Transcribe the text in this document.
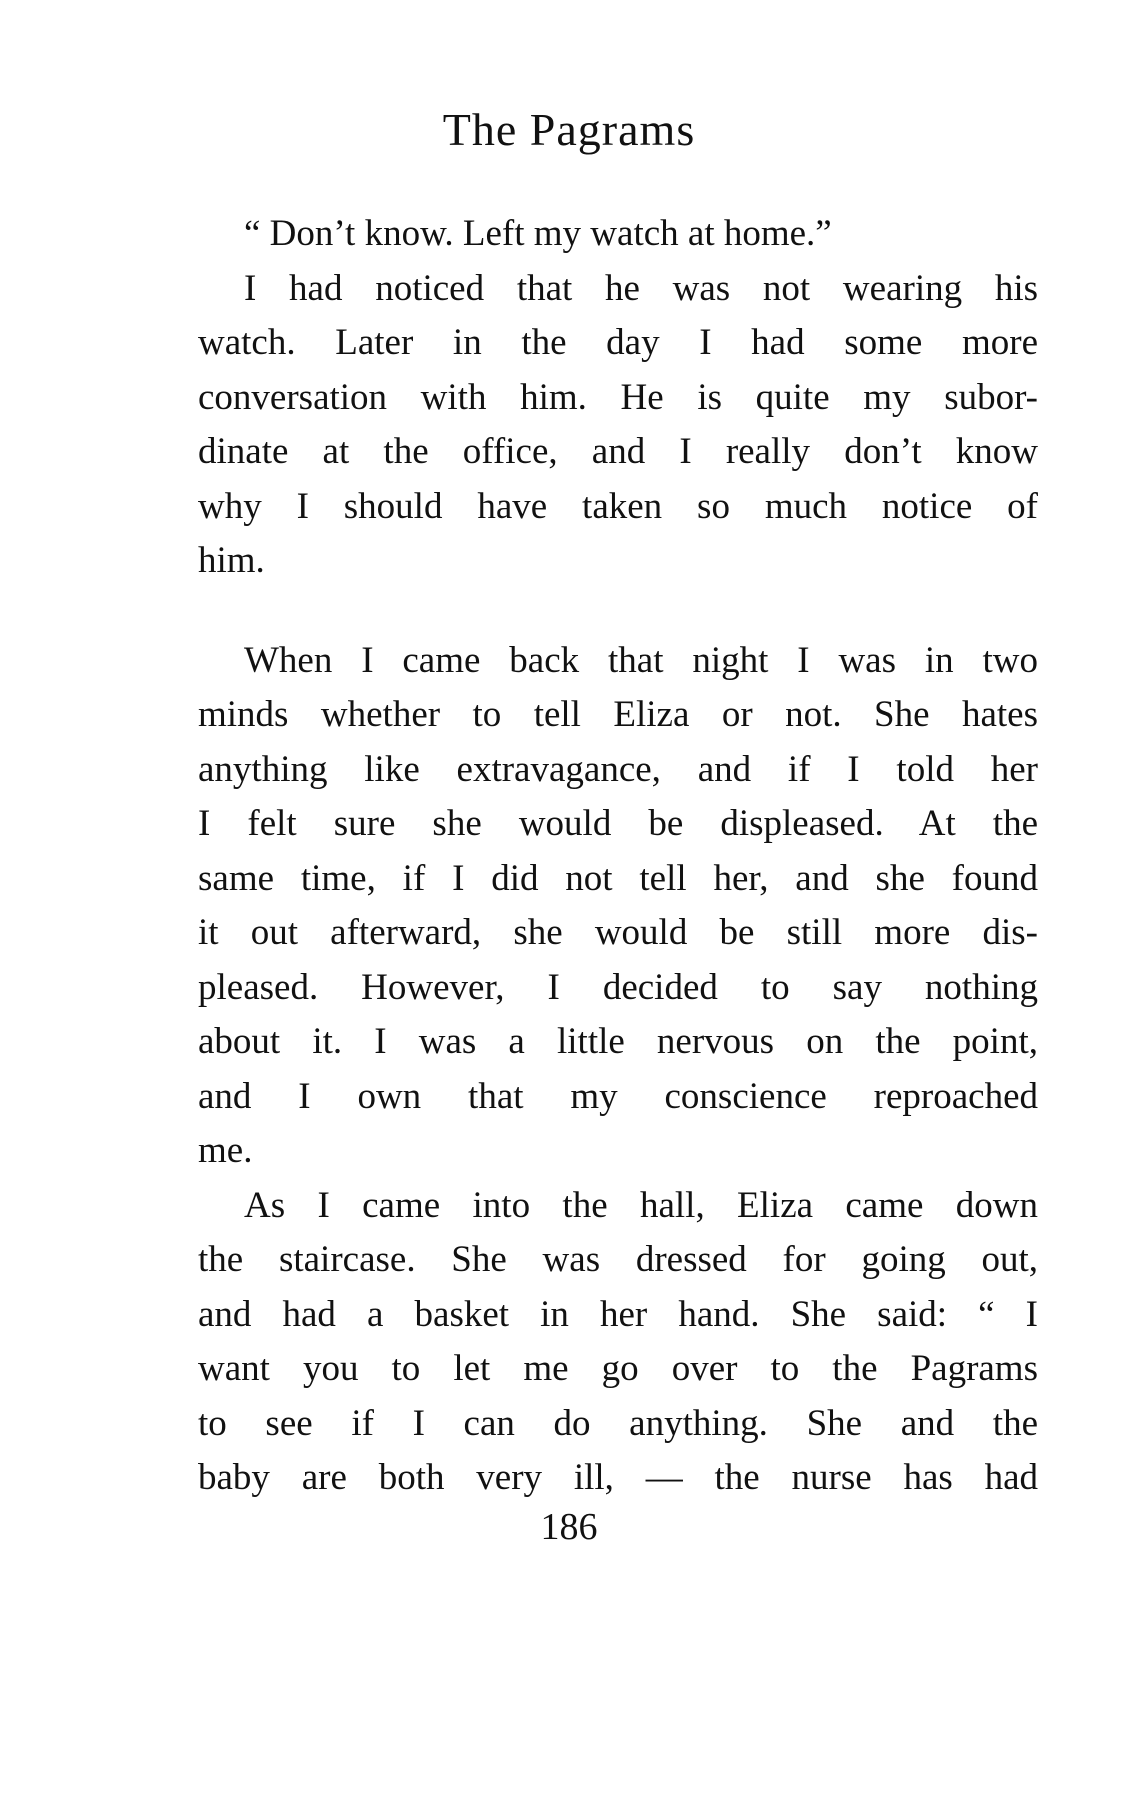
The Pagrams
“ Don’t know. Left my watch at home.”
I had noticed that he was not wearing his
watch. Later in the day I had some more
conversation with him. He is quite my subor-
dinate at the office, and I really don’t know
why I should have taken so much notice of
him.
When I came back that night I was in two
minds whether to tell Eliza or not. She hates
anything like extravagance, and if I told her
I felt sure she would be displeased. At the
same time, if I did not tell her, and she found
it out afterward, she would be still more dis-
pleased. However, I decided to say nothing
about it. I was a little nervous on the point,
and I own that my conscience reproached
me.
As I came into the hall, Eliza came down
the staircase. She was dressed for going out,
and had a basket in her hand. She said: “ I
want you to let me go over to the Pagrams
to see if I can do anything. She and the
baby are both very ill, — the nurse has had
186
